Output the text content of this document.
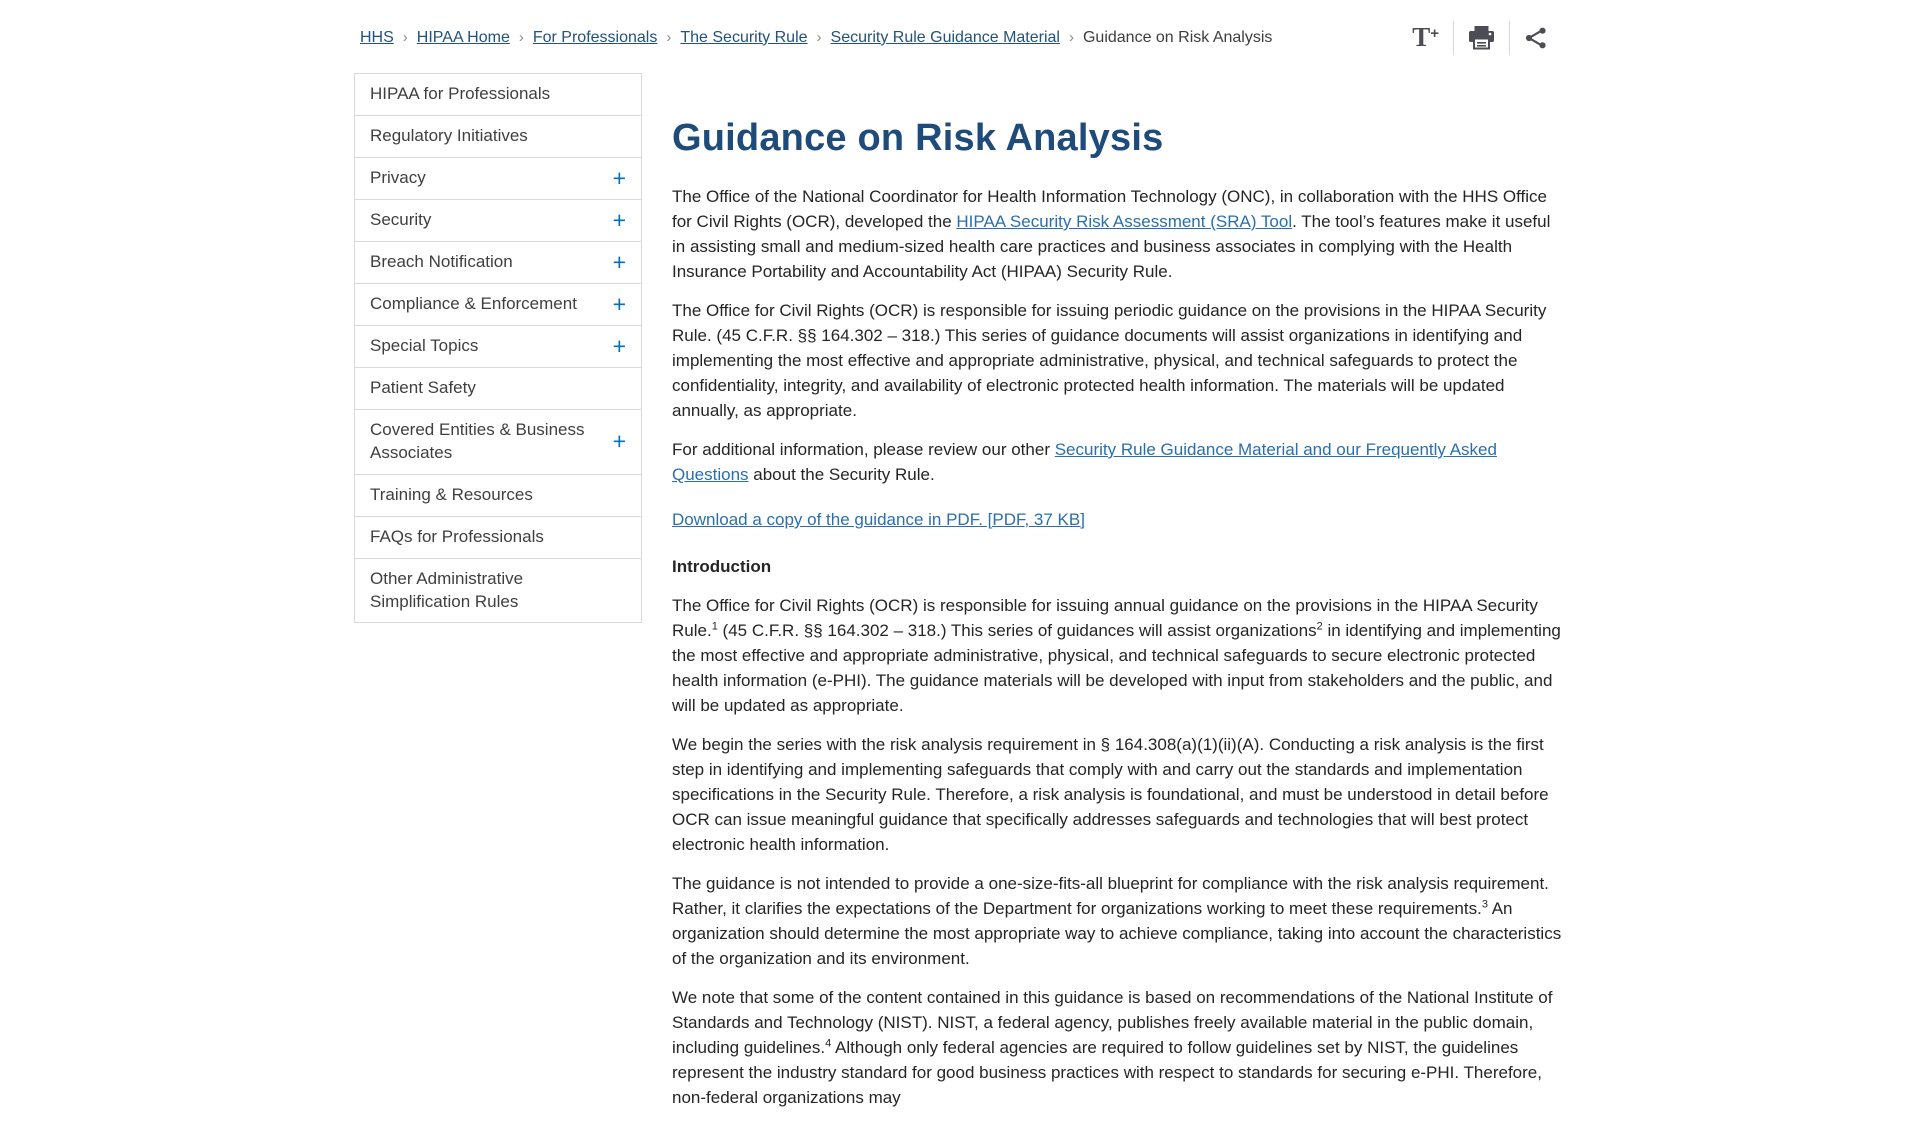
HHS › HIPAA Home › For Professionals › The Security Rule › Security Rule Guidance Material › Guidance on Risk Analysis	T +
HIPAA for Professionals
Regulatory Initiatives
Privacy	+
Security	+
Breach Notification	+
Compliance & Enforcement	+
Special Topics	+
Patient Safety
Covered Entities & Business Associates	+
Training & Resources
FAQs for Professionals
Other Administrative Simplification Rules
Guidance on Risk Analysis

The Office of the National Coordinator for Health Information Technology (ONC), in collaboration with the HHS Office for Civil Rights (OCR), developed the HIPAA Security Risk Assessment (SRA) Tool. The tool’s features make it useful in assisting small and medium-sized health care practices and business associates in complying with the Health Insurance Portability and Accountability Act (HIPAA) Security Rule.

The Office for Civil Rights (OCR) is responsible for issuing periodic guidance on the provisions in the HIPAA Security Rule. (45 C.F.R. §§ 164.302 – 318.) This series of guidance documents will assist organizations in identifying and implementing the most effective and appropriate administrative, physical, and technical safeguards to protect the confidentiality, integrity, and availability of electronic protected health information. The materials will be updated annually, as appropriate.

For additional information, please review our other Security Rule Guidance Material and our Frequently Asked Questions about the Security Rule.

Download a copy of the guidance in PDF. [PDF, 37 KB]

Introduction

The Office for Civil Rights (OCR) is responsible for issuing annual guidance on the provisions in the HIPAA Security Rule.$^1$ (45 C.F.R. §§ 164.302 – 318.) This series of guidances will assist organizations$^2$ in identifying and implementing the most effective and appropriate administrative, physical, and technical safeguards to secure electronic protected health information (e-PHI). The guidance materials will be developed with input from stakeholders and the public, and will be updated as appropriate.

We begin the series with the risk analysis requirement in § 164.308(a)(1)(ii)(A). Conducting a risk analysis is the first step in identifying and implementing safeguards that comply with and carry out the standards and implementation specifications in the Security Rule. Therefore, a risk analysis is foundational, and must be understood in detail before OCR can issue meaningful guidance that specifically addresses safeguards and technologies that will best protect electronic health information.

The guidance is not intended to provide a one-size-fits-all blueprint for compliance with the risk analysis requirement. Rather, it clarifies the expectations of the Department for organizations working to meet these requirements.$^3$ An organization should determine the most appropriate way to achieve compliance, taking into account the characteristics of the organization and its environment.

We note that some of the content contained in this guidance is based on recommendations of the National Institute of Standards and Technology (NIST). NIST, a federal agency, publishes freely available material in the public domain, including guidelines.$^4$ Although only federal agencies are required to follow guidelines set by NIST, the guidelines represent the industry standard for good business practices with respect to standards for securing e-PHI. Therefore, non-federal organizations may
